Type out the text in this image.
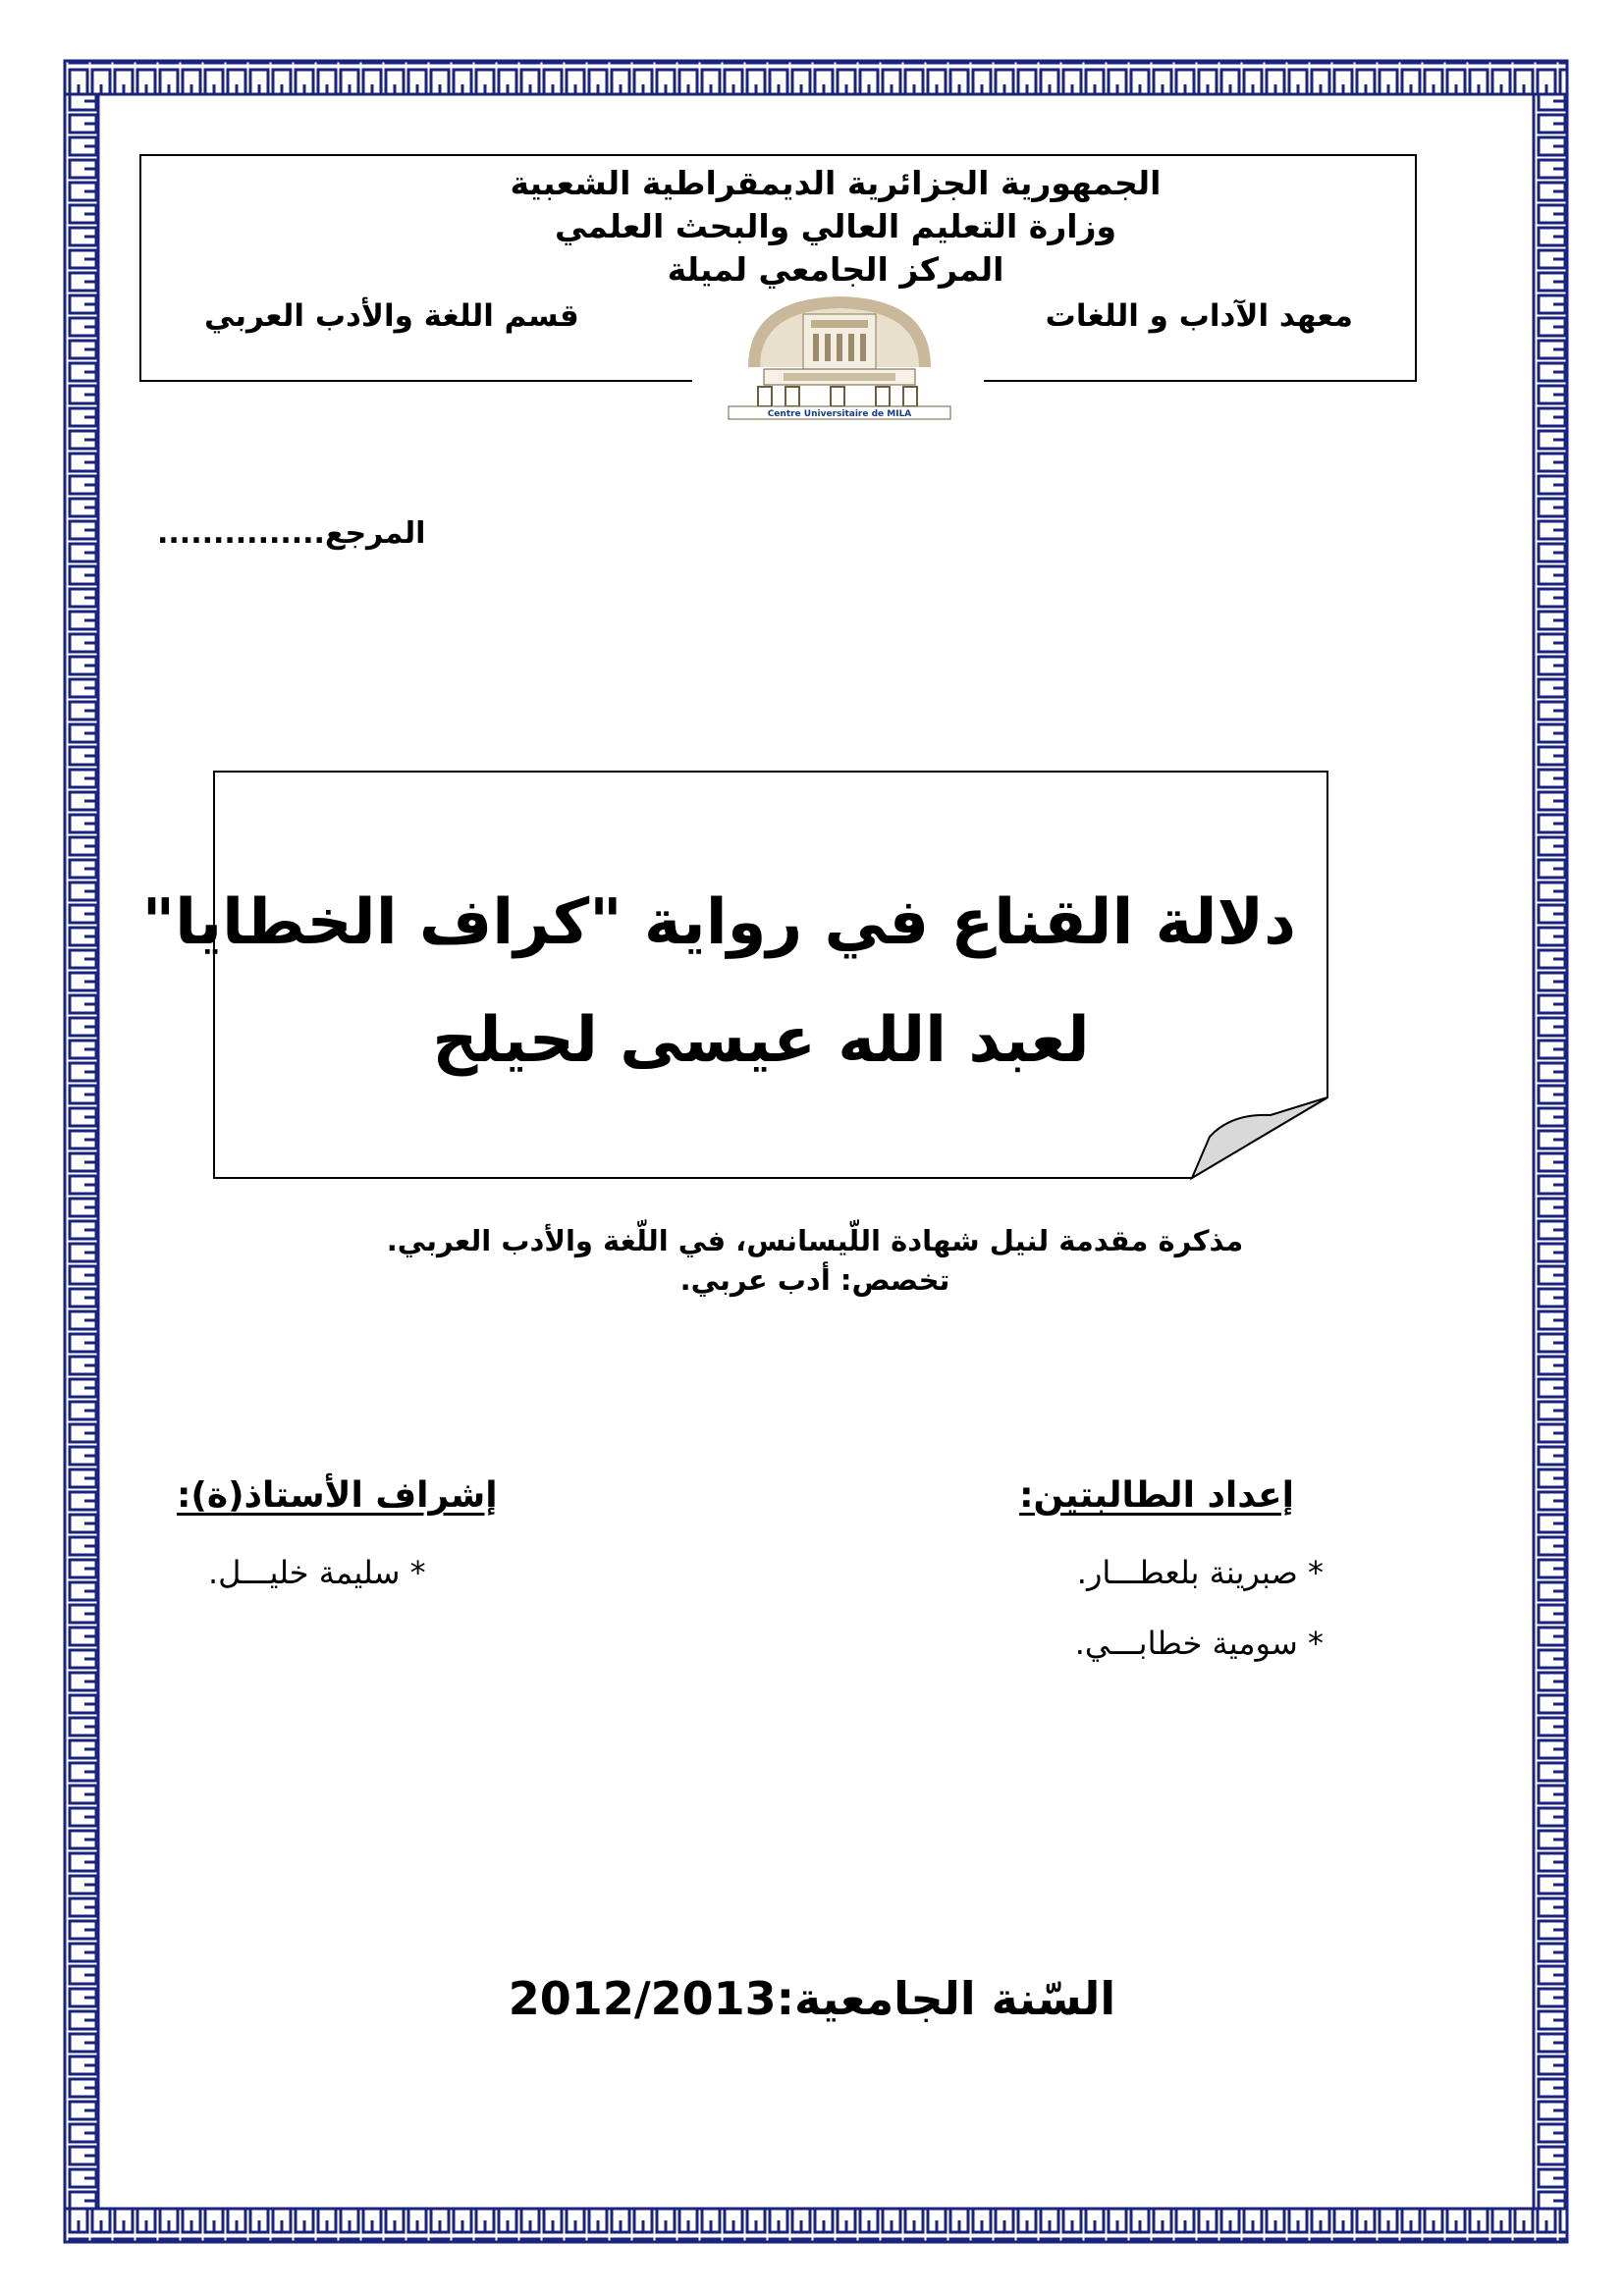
الجمهورية الجزائرية الديمقراطية الشعبية
وزارة التعليم العالي والبحث العلمي
المركز الجامعي لميلة
معهد الآداب و اللغات
قسم اللغة والأدب العربي
Centre Universitaire de MILA
المرجع...............
دلالة القناع في رواية "كراف الخطايا"
لعبد الله عيسى لحيلح
مذكرة مقدمة لنيل شهادة اللّيسانس، في اللّغة والأدب العربي.
تخصص: أدب عربي.
إعداد الطالبتين:
* صبرينة بلعطـــار.
* سومية خطابـــي.
إشراف الأستاذ(ة):
* سليمة خليـــل.
السّنة الجامعية:2012/2013
